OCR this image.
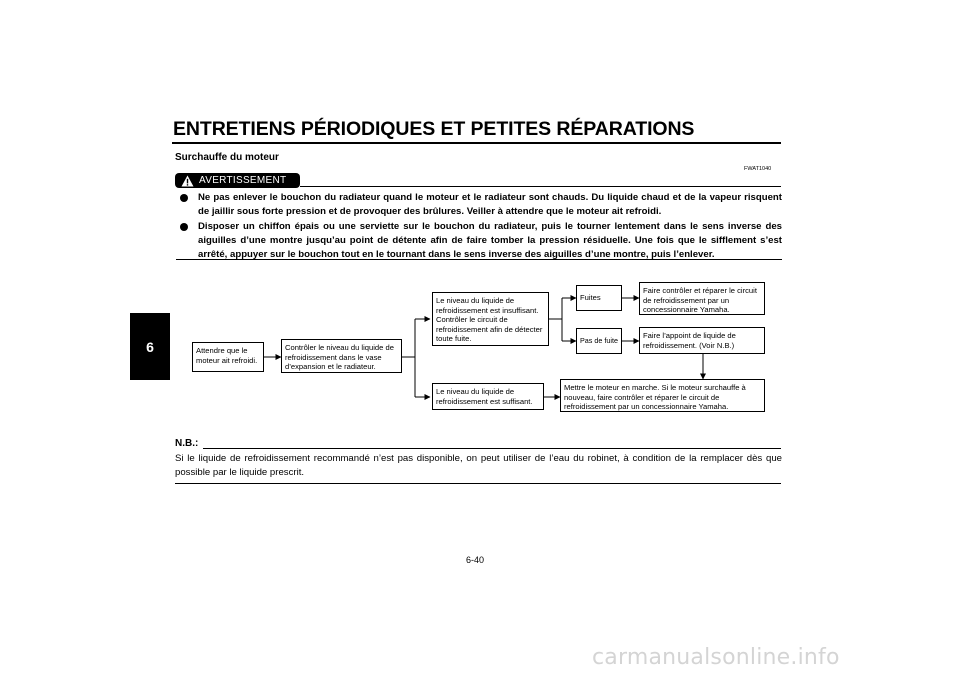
ENTRETIENS PÉRIODIQUES ET PETITES RÉPARATIONS
6
Surchauffe du moteur
FWAT1040
AVERTISSEMENT
Ne pas enlever le bouchon du radiateur quand le moteur et le radiateur sont chauds. Du liquide chaud et de la vapeur risquent de jaillir sous forte pression et de provoquer des brûlures. Veiller à attendre que le moteur ait refroidi.
Disposer un chiffon épais ou une serviette sur le bouchon du radiateur, puis le tourner lentement dans le sens inverse des aiguilles d’une montre jusqu’au point de détente afin de faire tomber la pression résiduelle. Une fois que le sifflement s’est arrêté, appuyer sur le bouchon tout en le tournant dans le sens inverse des aiguilles d’une montre, puis l’enlever.
Attendre que le moteur ait refroidi.
Contrôler le niveau du liquide de refroidissement dans le vase d’expansion et le radiateur.
Le niveau du liquide de refroidissement est insuffisant. Contrôler le circuit de refroidissement afin de détecter toute fuite.
Le niveau du liquide de refroidissement est suffisant.
Fuites
Pas de fuite
Faire contrôler et réparer le circuit de refroidissement par un concessionnaire Yamaha.
Faire l’appoint de liquide de refroidissement. (Voir N.B.)
Mettre le moteur en marche. Si le moteur surchauffe à nouveau, faire contrôler et réparer le circuit de refroidissement par un concessionnaire Yamaha.
N.B.:
Si le liquide de refroidissement recommandé n’est pas disponible, on peut utiliser de l’eau du robinet, à condition de la remplacer dès que possible par le liquide prescrit.
6-40
carmanualsonline.info
